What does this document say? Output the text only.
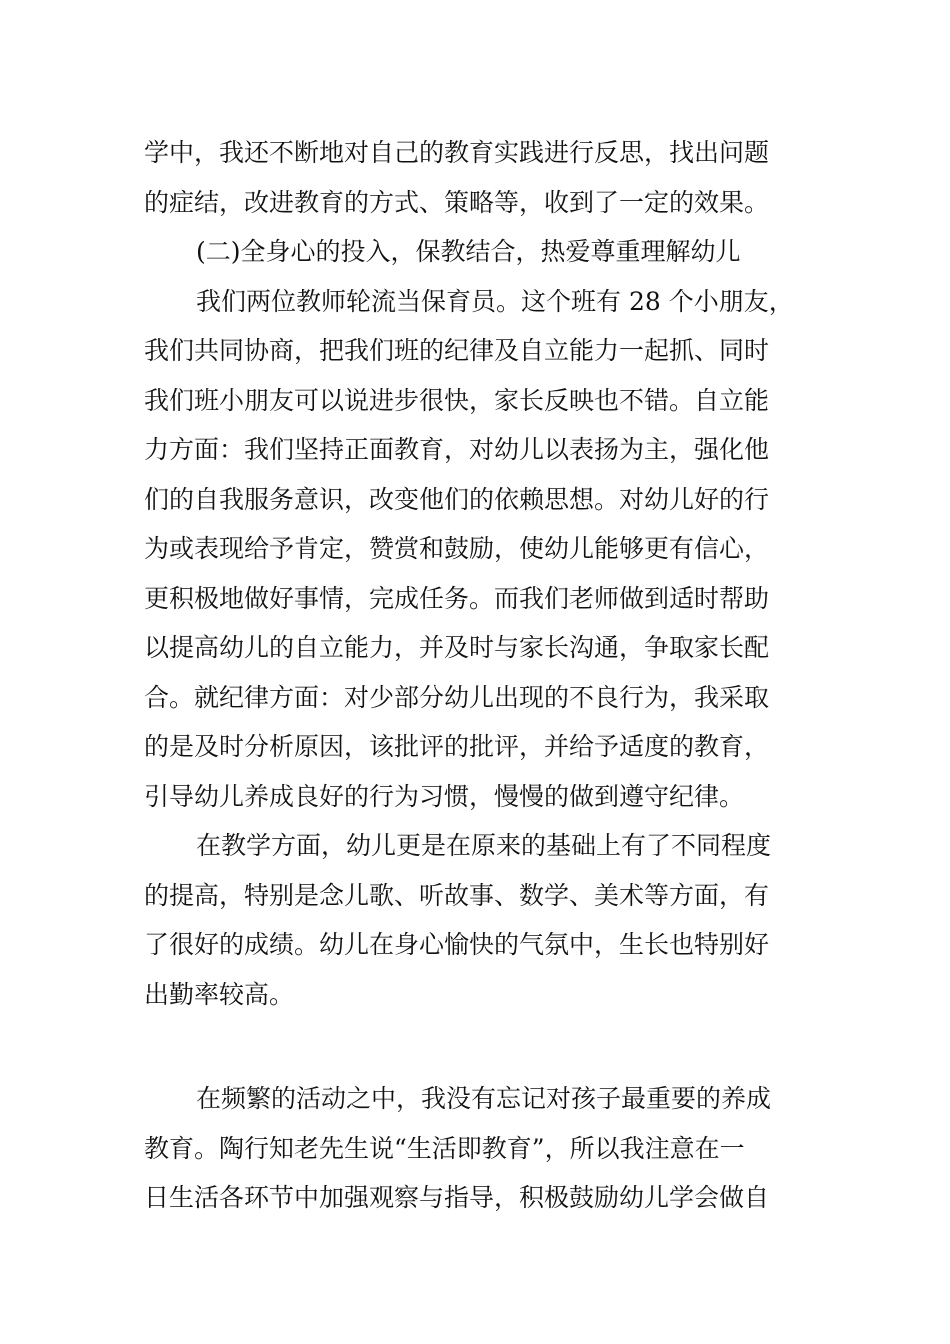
学中，我还不断地对自己的教育实践进行反思，找出问题
的症结，改进教育的方式、策略等，收到了一定的效果。
(二)全身心的投入，保教结合，热爱尊重理解幼儿
我们两位教师轮流当保育员。这个班有 28 个小朋友，
我们共同协商，把我们班的纪律及自立能力一起抓、同时
我们班小朋友可以说进步很快，家长反映也不错。自立能
力方面：我们坚持正面教育，对幼儿以表扬为主，强化他
们的自我服务意识，改变他们的依赖思想。对幼儿好的行
为或表现给予肯定，赞赏和鼓励，使幼儿能够更有信心，
更积极地做好事情，完成任务。而我们老师做到适时帮助
以提高幼儿的自立能力，并及时与家长沟通，争取家长配
合。就纪律方面：对少部分幼儿出现的不良行为，我采取
的是及时分析原因，该批评的批评，并给予适度的教育，
引导幼儿养成良好的行为习惯，慢慢的做到遵守纪律。
在教学方面，幼儿更是在原来的基础上有了不同程度
的提高，特别是念儿歌、听故事、数学、美术等方面，有
了很好的成绩。幼儿在身心愉快的气氛中，生长也特别好
出勤率较高。
在频繁的活动之中，我没有忘记对孩子最重要的养成
教育。陶行知老先生说“生活即教育”，所以我注意在一
日生活各环节中加强观察与指导，积极鼓励幼儿学会做自
